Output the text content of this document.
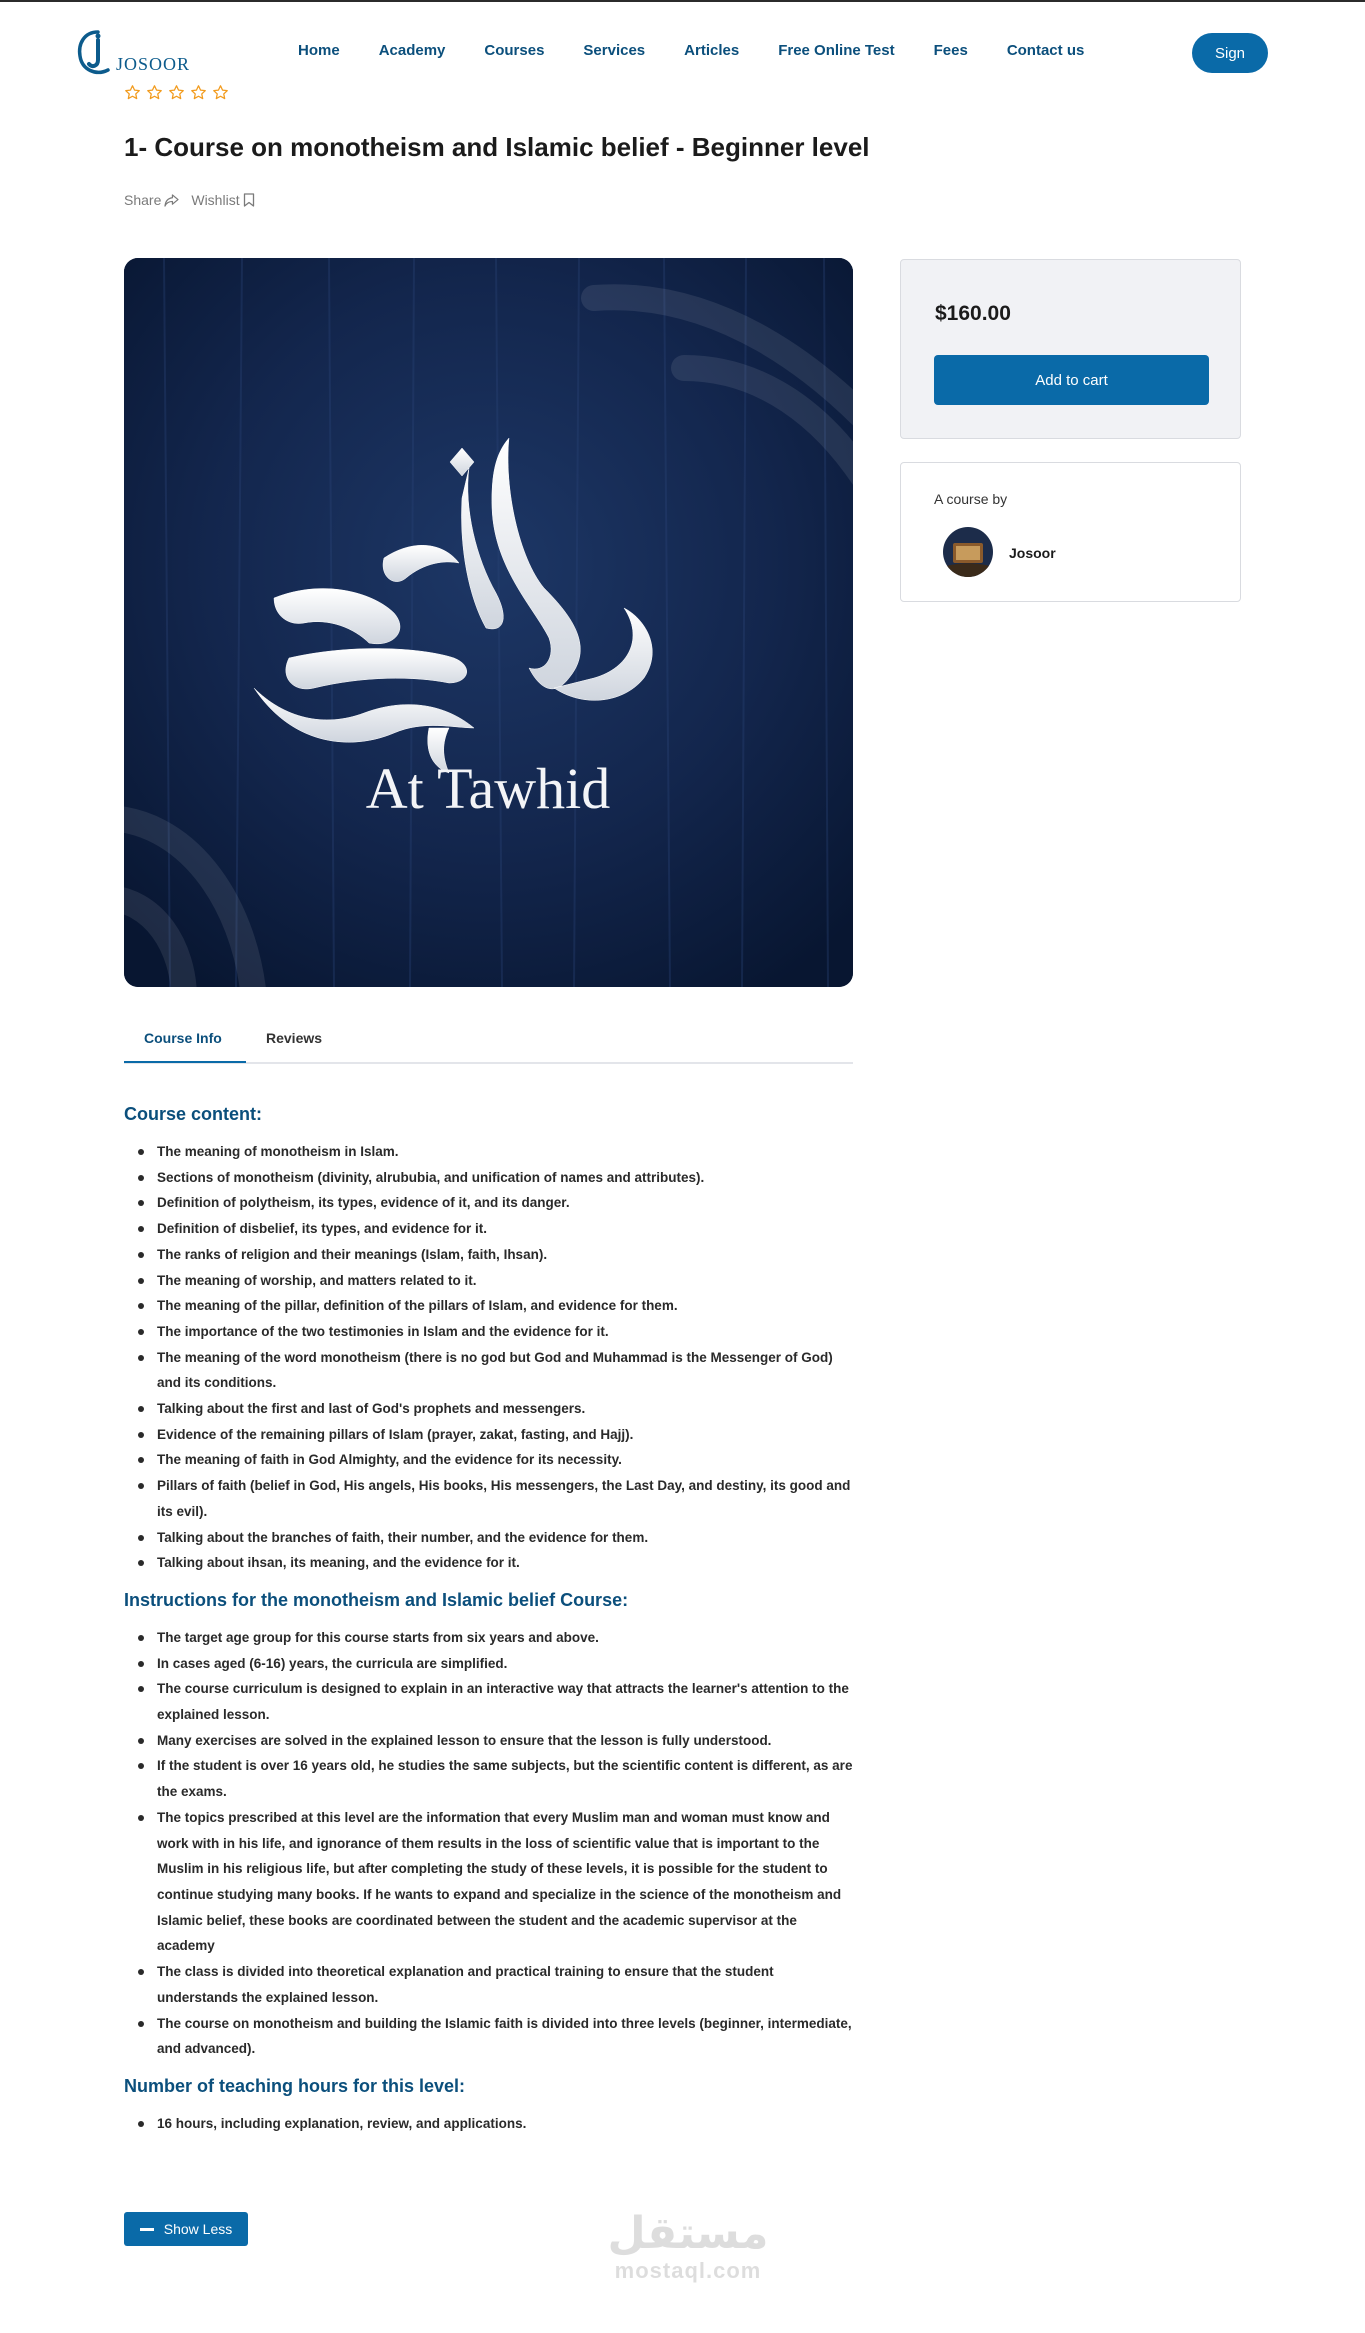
JOSOOR
Home	Academy	Courses	Services	Articles	Free Online Test	Fees	Contact us	Sign
1- Course on monotheism and Islamic belief - Beginner level
Share Wishlist
At Tawhid
$160.00
Add to cart
A course by
Josoor
Course Info	Reviews
Course content:
The meaning of monotheism in Islam.
Sections of monotheism (divinity, alrububia, and unification of names and attributes).
Definition of polytheism, its types, evidence of it, and its danger.
Definition of disbelief, its types, and evidence for it.
The ranks of religion and their meanings (Islam, faith, Ihsan).
The meaning of worship, and matters related to it.
The meaning of the pillar, definition of the pillars of Islam, and evidence for them.
The importance of the two testimonies in Islam and the evidence for it.
The meaning of the word monotheism (there is no god but God and Muhammad is the Messenger of God) and its conditions.
Talking about the first and last of God's prophets and messengers.
Evidence of the remaining pillars of Islam (prayer, zakat, fasting, and Hajj).
The meaning of faith in God Almighty, and the evidence for its necessity.
Pillars of faith (belief in God, His angels, His books, His messengers, the Last Day, and destiny, its good and its evil).
Talking about the branches of faith, their number, and the evidence for them.
Talking about ihsan, its meaning, and the evidence for it.
Instructions for the monotheism and Islamic belief Course:
The target age group for this course starts from six years and above.
In cases aged (6-16) years, the curricula are simplified.
The course curriculum is designed to explain in an interactive way that attracts the learner's attention to the explained lesson.
Many exercises are solved in the explained lesson to ensure that the lesson is fully understood.
If the student is over 16 years old, he studies the same subjects, but the scientific content is different, as are the exams.
The topics prescribed at this level are the information that every Muslim man and woman must know and work with in his life, and ignorance of them results in the loss of scientific value that is important to the Muslim in his religious life, but after completing the study of these levels, it is possible for the student to continue studying many books. If he wants to expand and specialize in the science of the monotheism and Islamic belief, these books are coordinated between the student and the academic supervisor at the academy
The class is divided into theoretical explanation and practical training to ensure that the student understands the explained lesson.
The course on monotheism and building the Islamic faith is divided into three levels (beginner, intermediate, and advanced).
Number of teaching hours for this level:
16 hours, including explanation, review, and applications.
Show Less	مستقل
mostaql.com
